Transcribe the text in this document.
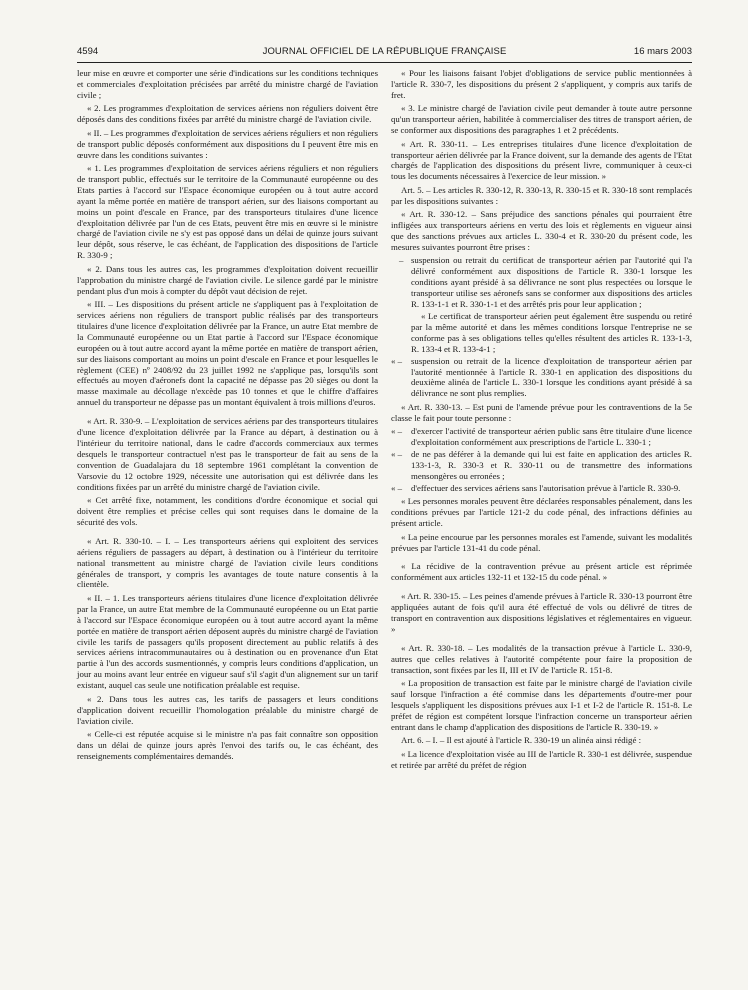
4594	JOURNAL OFFICIEL DE LA RÉPUBLIQUE FRANÇAISE	16 mars 2003

leur mise en œuvre et comporter une série d'indications sur les conditions techniques et commerciales d'exploitation précisées par arrêté du ministre chargé de l'aviation civile ;

« 2. Les programmes d'exploitation de services aériens non réguliers doivent être déposés dans des conditions fixées par arrêté du ministre chargé de l'aviation civile.

« II. – Les programmes d'exploitation de services aériens réguliers et non réguliers de transport public déposés conformément aux dispositions du I peuvent être mis en œuvre dans les conditions suivantes :

« 1. Les programmes d'exploitation de services aériens réguliers et non réguliers de transport public, effectués sur le territoire de la Communauté européenne ou des Etats parties à l'accord sur l'Espace économique européen ou à tout autre accord ayant la même portée en matière de transport aérien, sur des liaisons comportant au moins un point d'escale en France, par des transporteurs titulaires d'une licence d'exploitation délivrée par l'un de ces Etats, peuvent être mis en œuvre si le ministre chargé de l'aviation civile ne s'y est pas opposé dans un délai de quinze jours suivant leur dépôt, sous réserve, le cas échéant, de l'application des dispositions de l'article R. 330-9 ;

« 2. Dans tous les autres cas, les programmes d'exploitation doivent recueillir l'approbation du ministre chargé de l'aviation civile. Le silence gardé par le ministre pendant plus d'un mois à compter du dépôt vaut décision de rejet.

« III. – Les dispositions du présent article ne s'appliquent pas à l'exploitation de services aériens non réguliers de transport public réalisés par des transporteurs titulaires d'une licence d'exploitation délivrée par la France, un autre Etat membre de la Communauté européenne ou un Etat partie à l'accord sur l'Espace économique européen ou à tout autre accord ayant la même portée en matière de transport aérien, sur des liaisons comportant au moins un point d'escale en France et pour lesquelles le règlement (CEE) nº 2408/92 du 23 juillet 1992 ne s'applique pas, lorsqu'ils sont effectués au moyen d'aéronefs dont la capacité ne dépasse pas 20 sièges ou dont la masse maximale au décollage n'excède pas 10 tonnes et que le chiffre d'affaires annuel du transporteur ne dépasse pas un montant équivalent à trois millions d'euros.

« Art. R. 330-9. – L'exploitation de services aériens par des transporteurs titulaires d'une licence d'exploitation délivrée par la France au départ, à destination ou à l'intérieur du territoire national, dans le cadre d'accords commerciaux aux termes desquels le transporteur contractuel n'est pas le transporteur de fait au sens de la convention de Guadalajara du 18 septembre 1961 complétant la convention de Varsovie du 12 octobre 1929, nécessite une autorisation qui est délivrée dans les conditions fixées par un arrêté du ministre chargé de l'aviation civile.

« Cet arrêté fixe, notamment, les conditions d'ordre économique et social qui doivent être remplies et précise celles qui sont requises dans le domaine de la sécurité des vols.

« Art. R. 330-10. – I. – Les transporteurs aériens qui exploitent des services aériens réguliers de passagers au départ, à destination ou à l'intérieur du territoire national transmettent au ministre chargé de l'aviation civile leurs conditions générales de transport, y compris les avantages de toute nature consentis à la clientèle.

« II. – 1. Les transporteurs aériens titulaires d'une licence d'exploitation délivrée par la France, un autre Etat membre de la Communauté européenne ou un Etat partie à l'accord sur l'Espace économique européen ou à tout autre accord ayant la même portée en matière de transport aérien déposent auprès du ministre chargé de l'aviation civile les tarifs de passagers qu'ils proposent directement au public relatifs à des services aériens intracommunautaires ou à destination ou en provenance d'un Etat partie à l'un des accords susmentionnés, y compris leurs conditions d'application, un jour au moins avant leur entrée en vigueur sauf s'il s'agit d'un alignement sur un tarif existant, auquel cas seule une notification préalable est requise.

« 2. Dans tous les autres cas, les tarifs de passagers et leurs conditions d'application doivent recueillir l'homologation préalable du ministre chargé de l'aviation civile.

« Celle-ci est réputée acquise si le ministre n'a pas fait connaître son opposition dans un délai de quinze jours après l'envoi des tarifs ou, le cas échéant, des renseignements complémentaires demandés.

« Pour les liaisons faisant l'objet d'obligations de service public mentionnées à l'article R. 330-7, les dispositions du présent 2 s'appliquent, y compris aux tarifs de fret.

« 3. Le ministre chargé de l'aviation civile peut demander à toute autre personne qu'un transporteur aérien, habilitée à commercialiser des titres de transport aérien, de se conformer aux dispositions des paragraphes 1 et 2 précédents.

« Art. R. 330-11. – Les entreprises titulaires d'une licence d'exploitation de transporteur aérien délivrée par la France doivent, sur la demande des agents de l'Etat chargés de l'application des dispositions du présent livre, communiquer à ceux-ci tous les documents nécessaires à l'exercice de leur mission. »

Art. 5. – Les articles R. 330-12, R. 330-13, R. 330-15 et R. 330-18 sont remplacés par les dispositions suivantes :

« Art. R. 330-12. – Sans préjudice des sanctions pénales qui pourraient être infligées aux transporteurs aériens en vertu des lois et règlements en vigueur ainsi que des sanctions prévues aux articles L. 330-4 et R. 330-20 du présent code, les mesures suivantes pourront être prises :

– suspension ou retrait du certificat de transporteur aérien par l'autorité qui l'a délivré conformément aux dispositions de l'article R. 330-1 lorsque les conditions ayant présidé à sa délivrance ne sont plus respectées ou lorsque le transporteur utilise ses aéronefs sans se conformer aux dispositions des articles R. 133-1-1 et R. 330-1-1 et des arrêtés pris pour leur application ;
« Le certificat de transporteur aérien peut également être suspendu ou retiré par la même autorité et dans les mêmes conditions lorsque l'entreprise ne se conforme pas à ses obligations telles qu'elles résultent des articles R. 133-1-3, R. 133-4 et R. 133-4-1 ;
« – suspension ou retrait de la licence d'exploitation de transporteur aérien par l'autorité mentionnée à l'article R. 330-1 en application des dispositions du deuxième alinéa de l'article L. 330-1 lorsque les conditions ayant présidé à sa délivrance ne sont plus remplies.

« Art. R. 330-13. – Est puni de l'amende prévue pour les contraventions de la 5e classe le fait pour toute personne :

« – d'exercer l'activité de transporteur aérien public sans être titulaire d'une licence d'exploitation conformément aux prescriptions de l'article L. 330-1 ;
« – de ne pas déférer à la demande qui lui est faite en application des articles R. 133-1-3, R. 330-3 et R. 330-11 ou de transmettre des informations mensongères ou erronées ;
« – d'effectuer des services aériens sans l'autorisation prévue à l'article R. 330-9.

« Les personnes morales peuvent être déclarées responsables pénalement, dans les conditions prévues par l'article 121-2 du code pénal, des infractions définies au présent article.

« La peine encourue par les personnes morales est l'amende, suivant les modalités prévues par l'article 131-41 du code pénal.

« La récidive de la contravention prévue au présent article est réprimée conformément aux articles 132-11 et 132-15 du code pénal. »

« Art. R. 330-15. – Les peines d'amende prévues à l'article R. 330-13 pourront être appliquées autant de fois qu'il aura été effectué de vols ou délivré de titres de transport en contravention aux dispositions législatives et réglementaires en vigueur. »

« Art. R. 330-18. – Les modalités de la transaction prévue à l'article L. 330-9, autres que celles relatives à l'autorité compétente pour faire la proposition de transaction, sont fixées par les II, III et IV de l'article R. 151-8.

« La proposition de transaction est faite par le ministre chargé de l'aviation civile sauf lorsque l'infraction a été commise dans les départements d'outre-mer pour lesquels s'appliquent les dispositions prévues aux I-1 et I-2 de l'article R. 151-8. Le préfet de région est compétent lorsque l'infraction concerne un transporteur aérien entrant dans le champ d'application des dispositions de l'article R. 330-19. »

Art. 6. – I. – Il est ajouté à l'article R. 330-19 un alinéa ainsi rédigé :

« La licence d'exploitation visée au III de l'article R. 330-1 est délivrée, suspendue et retirée par arrêté du préfet de région
